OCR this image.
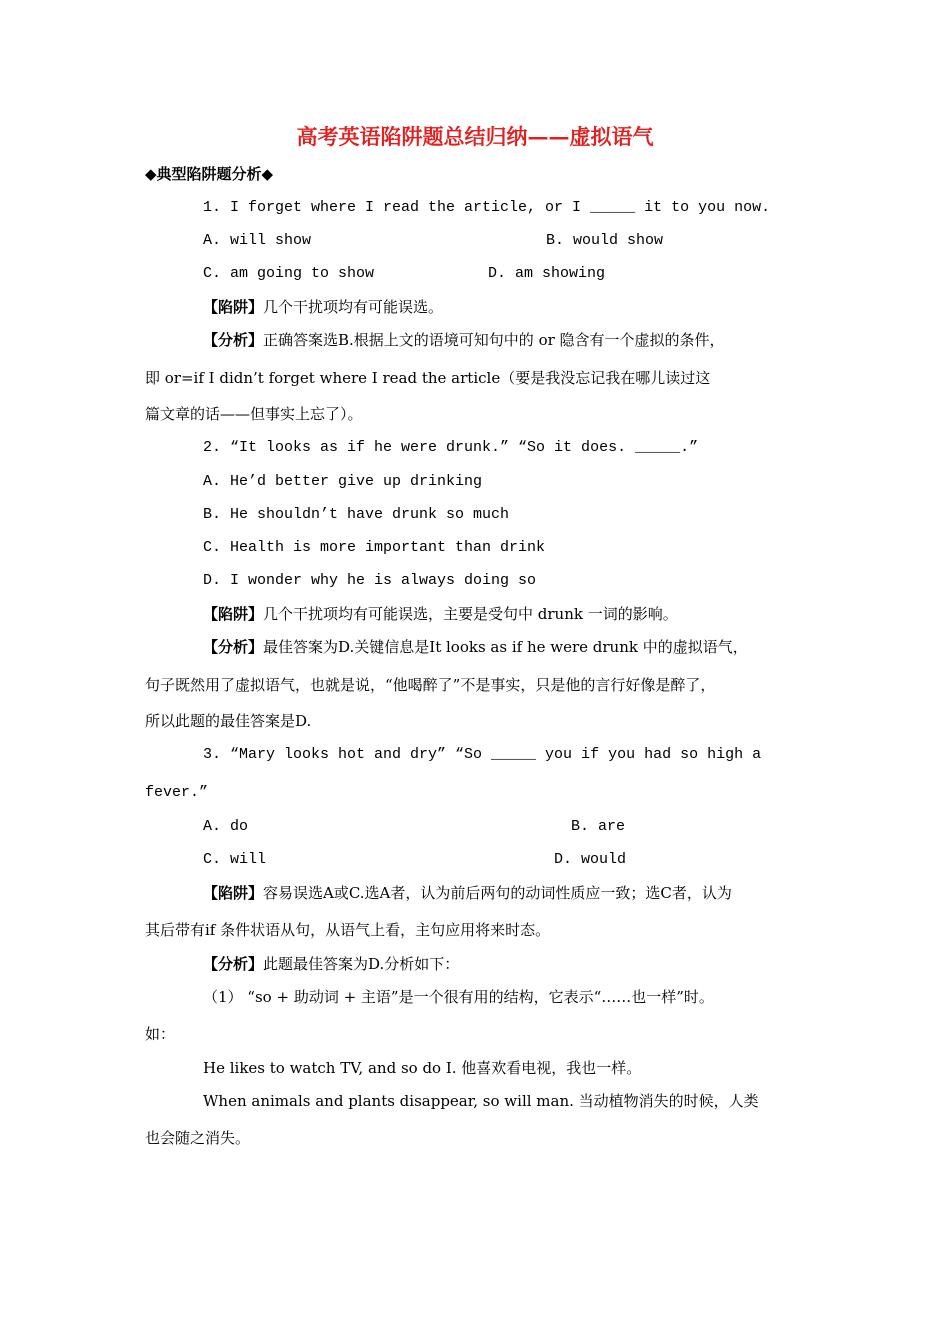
高考英语陷阱题总结归纳——虚拟语气
◆典型陷阱题分析◆
1. I forget where I read the article, or I _____ it to you now.
A. will show	B. would show
C. am going to show	D. am showing
【陷阱】几个干扰项均有可能误选。
【分析】正确答案选B.根据上文的语境可知句中的 or 隐含有一个虚拟的条件，
即 or=if I didn’t forget where I read the article（要是我没忘记我在哪儿读过这
篇文章的话——但事实上忘了）。
2. “It looks as if he were drunk.” “So it does. _____.”
A. He’d better give up drinking
B. He shouldn’t have drunk so much
C. Health is more important than drink
D. I wonder why he is always doing so
【陷阱】几个干扰项均有可能误选，主要是受句中 drunk 一词的影响。
【分析】最佳答案为D.关键信息是It looks as if he were drunk 中的虚拟语气，
句子既然用了虚拟语气，也就是说，“他喝醉了”不是事实，只是他的言行好像是醉了，
所以此题的最佳答案是D.
3. “Mary looks hot and dry” “So _____ you if you had so high a
fever.”
A. do	B. are
C. will	D. would
【陷阱】容易误选A或C.选A者，认为前后两句的动词性质应一致；选C者，认为
其后带有if 条件状语从句，从语气上看，主句应用将来时态。
【分析】此题最佳答案为D.分析如下：
（1） “so + 助动词 + 主语”是一个很有用的结构，它表示“……也一样”时。
如：
He likes to watch TV, and so do I. 他喜欢看电视，我也一样。
When animals and plants disappear, so will man. 当动植物消失的时候，人类
也会随之消失。
